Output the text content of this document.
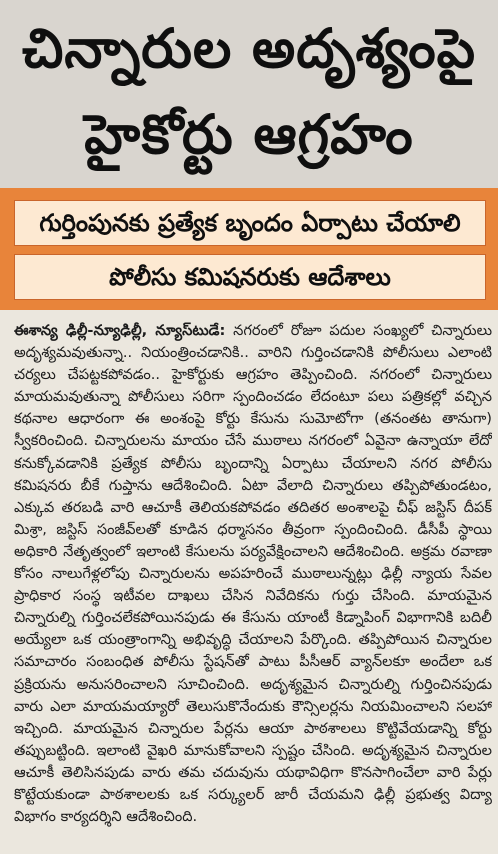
చిన్నారుల అదృశ్యంపై
హైకోర్టు ఆగ్రహం
గుర్తింపునకు ప్రత్యేక బృందం ఏర్పాటు చేయాలి
పోలీసు కమిషనరుకు ఆదేశాలు
ఈశాన్య ఢిల్లీ-న్యూఢిల్లీ, న్యూస్‌టుడే: నగరంలో రోజూ పదుల సంఖ్యలో చిన్నారులు అదృశ్యమవుతున్నా.. నియంత్రించడానికి.. వారిని గుర్తించడానికి పోలీసులు ఎలాంటి చర్యలు చేపట్టకపోవడం.. హైకోర్టుకు ఆగ్రహం తెప్పించింది. నగరంలో చిన్నారులు మాయమవుతున్నా పోలీసులు సరిగా స్పందించడం లేదంటూ పలు పత్రికల్లో వచ్చిన కథనాల ఆధారంగా ఈ అంశంపై కోర్టు కేసును సుమోటోగా (తనంతట తానుగా) స్వీకరించింది. చిన్నారులను మాయం చేసే ముఠాలు నగరంలో ఏవైనా ఉన్నాయా లేదో కనుక్కోవడానికి ప్రత్యేక పోలీసు బృందాన్ని ఏర్పాటు చేయాలని నగర పోలీసు కమిషనరు బీకే గుప్తాను ఆదేశించింది. ఏటా వేలాది చిన్నారులు తప్పిపోతుండటం, ఎక్కువ తరబడి వారి ఆచూకీ తెలియకపోవడం తదితర అంశాలపై చీఫ్ జస్టిస్ దీపక్ మిశ్రా, జస్టిస్ సంజీవ్‌లతో కూడిన ధర్మాసనం తీవ్రంగా స్పందించింది. డీసీపీ స్థాయి అధికారి నేతృత్వంలో ఇలాంటి కేసులను పర్యవేక్షించాలని ఆదేశించింది. అక్రమ రవాణా కోసం నాలుగేళ్లలోపు చిన్నారులను అపహరించే ముఠాలున్నట్లు ఢిల్లీ న్యాయ సేవల ప్రాధికార సంస్థ ఇటీవల దాఖలు చేసిన నివేదికను గుర్తు చేసింది. మాయమైన చిన్నారుల్ని గుర్తించలేకపోయినపుడు ఈ కేసును యాంటీ కిడ్నాపింగ్ విభాగానికి బదిలీ అయ్యేలా ఒక యంత్రాంగాన్ని అభివృద్ధి చేయాలని పేర్కొంది. తప్పిపోయిన చిన్నారుల సమాచారం సంబంధిత పోలీసు స్టేషన్‌తో పాటు పీసీఆర్ వ్యాన్‌లకూ అందేలా ఒక ప్రక్రియను అనుసరించాలని సూచించింది. అదృశ్యమైన చిన్నారుల్ని గుర్తించినపుడు వారు ఎలా మాయమయ్యారో తెలుసుకొనేందుకు కౌన్సిలర్లను నియమించాలని సలహా ఇచ్చింది. మాయమైన చిన్నారుల పేర్లను ఆయా పాఠశాలలు కొట్టివేయడాన్ని కోర్టు తప్పుబట్టింది. ఇలాంటి వైఖరి మానుకోవాలని స్పష్టం చేసింది. అదృశ్యమైన చిన్నారుల ఆచూకీ తెలిసినపుడు వారు తమ చదువును యథావిధిగా కొనసాగించేలా వారి పేర్లు కొట్టేయకుండా పాఠశాలలకు ఒక సర్క్యులర్ జారీ చేయమని ఢిల్లీ ప్రభుత్వ విద్యా విభాగం కార్యదర్శిని ఆదేశించింది.
